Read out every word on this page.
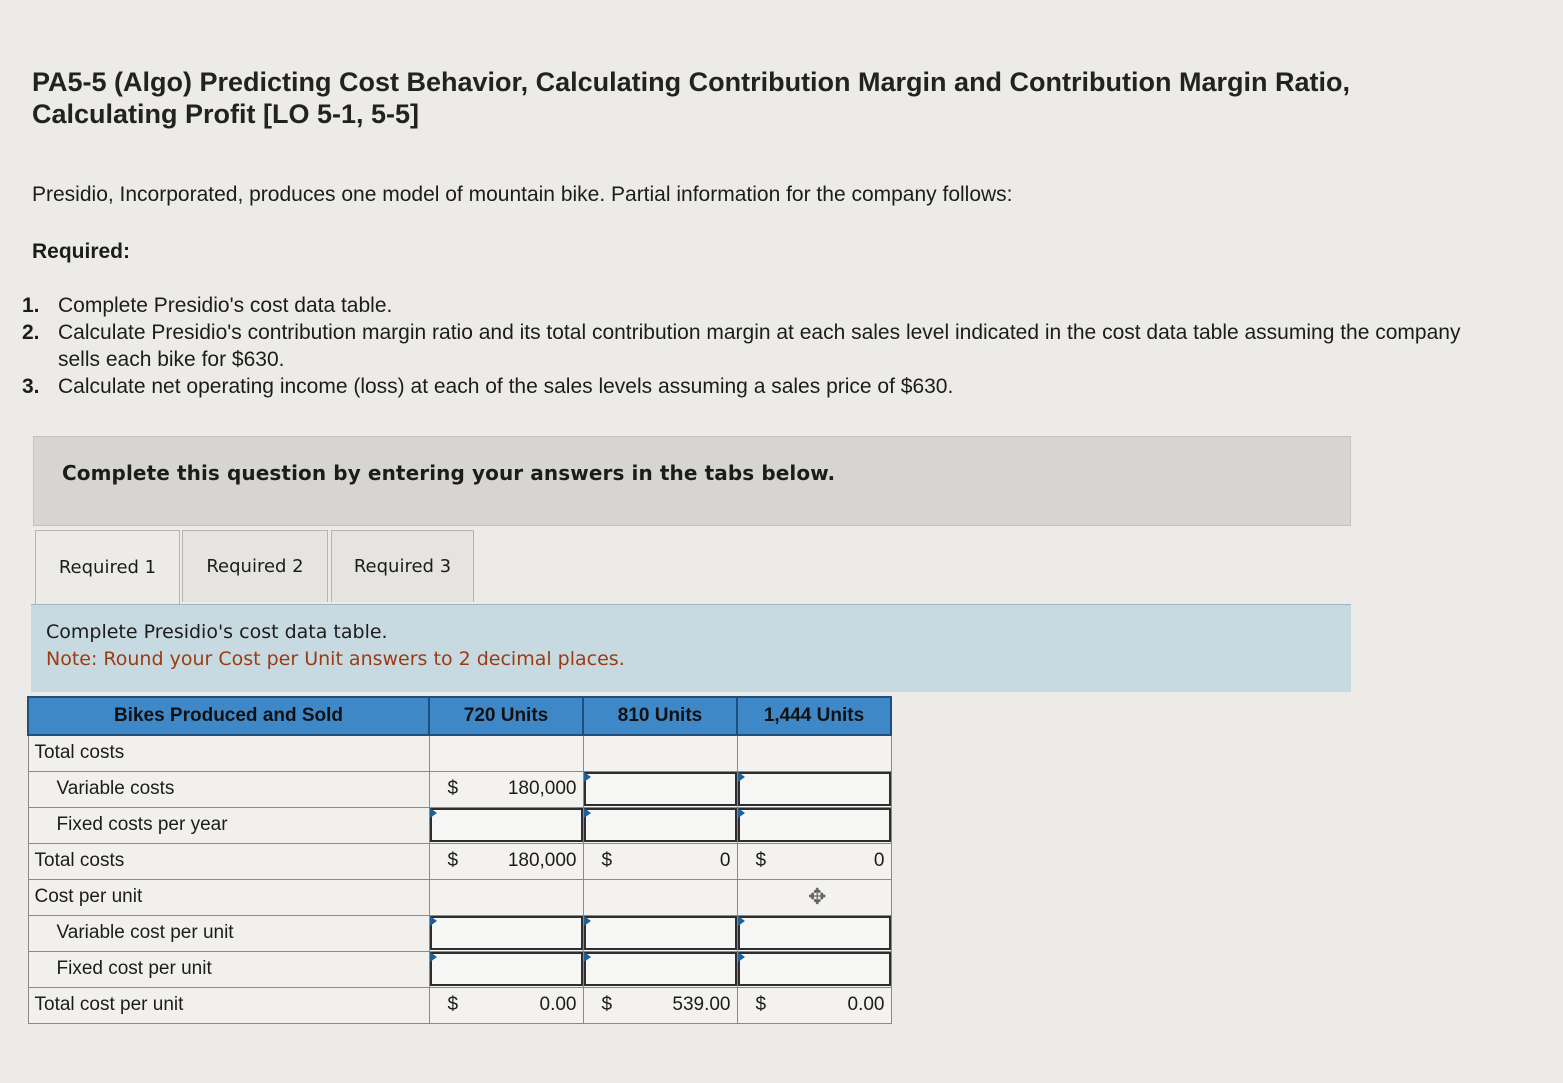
PA5-5 (Algo) Predicting Cost Behavior, Calculating Contribution Margin and Contribution Margin Ratio, Calculating Profit [LO 5-1, 5-5]
Presidio, Incorporated, produces one model of mountain bike. Partial information for the company follows:
Required:
1. Complete Presidio's cost data table.
2. Calculate Presidio's contribution margin ratio and its total contribution margin at each sales level indicated in the cost data table assuming the company sells each bike for $630.
3. Calculate net operating income (loss) at each of the sales levels assuming a sales price of $630.
Complete this question by entering your answers in the tabs below.
Required 1	Required 2	Required 3
Complete Presidio's cost data table.
Note: Round your Cost per Unit answers to 2 decimal places.
Bikes Produced and Sold	720 Units	810 Units	1,444 Units
Total costs			
Variable costs	$ 180,000

Fixed costs per year			
Total costs	$ 180,000	$ 0	$ 0

Cost per unit			
Variable cost per unit			
Fixed cost per unit			
Total cost per unit	$ 0.00	$ 539.00	$ 0.00
✥
